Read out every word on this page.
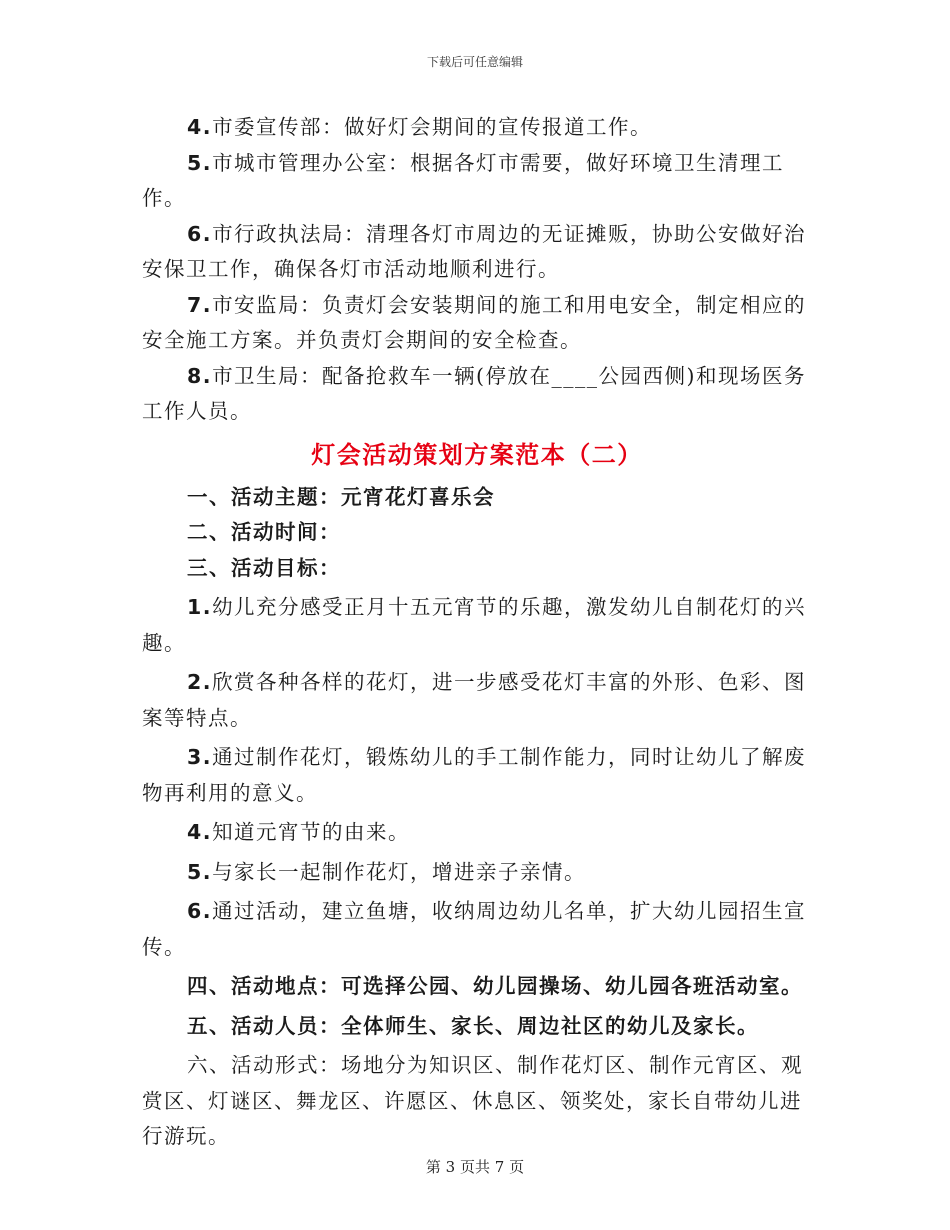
下载后可任意编辑

4.市委宣传部：做好灯会期间的宣传报道工作。

5.市城市管理办公室：根据各灯市需要，做好环境卫生清理工作。

6.市行政执法局：清理各灯市周边的无证摊贩，协助公安做好治安保卫工作，确保各灯市活动地顺利进行。

7.市安监局：负责灯会安装期间的施工和用电安全，制定相应的安全施工方案。并负责灯会期间的安全检查。

8.市卫生局：配备抢救车一辆(停放在____公园西侧)和现场医务工作人员。

灯会活动策划方案范本（二）

一、活动主题：元宵花灯喜乐会

二、活动时间：

三、活动目标：

1.幼儿充分感受正月十五元宵节的乐趣，激发幼儿自制花灯的兴趣。

2.欣赏各种各样的花灯，进一步感受花灯丰富的外形、色彩、图案等特点。

3.通过制作花灯，锻炼幼儿的手工制作能力，同时让幼儿了解废物再利用的意义。

4.知道元宵节的由来。

5.与家长一起制作花灯，增进亲子亲情。

6.通过活动，建立鱼塘，收纳周边幼儿名单，扩大幼儿园招生宣传。

四、活动地点：可选择公园、幼儿园操场、幼儿园各班活动室。

五、活动人员：全体师生、家长、周边社区的幼儿及家长。

六、活动形式：场地分为知识区、制作花灯区、制作元宵区、观赏区、灯谜区、舞龙区、许愿区、休息区、领奖处，家长自带幼儿进行游玩。

第 3 页共 7 页
